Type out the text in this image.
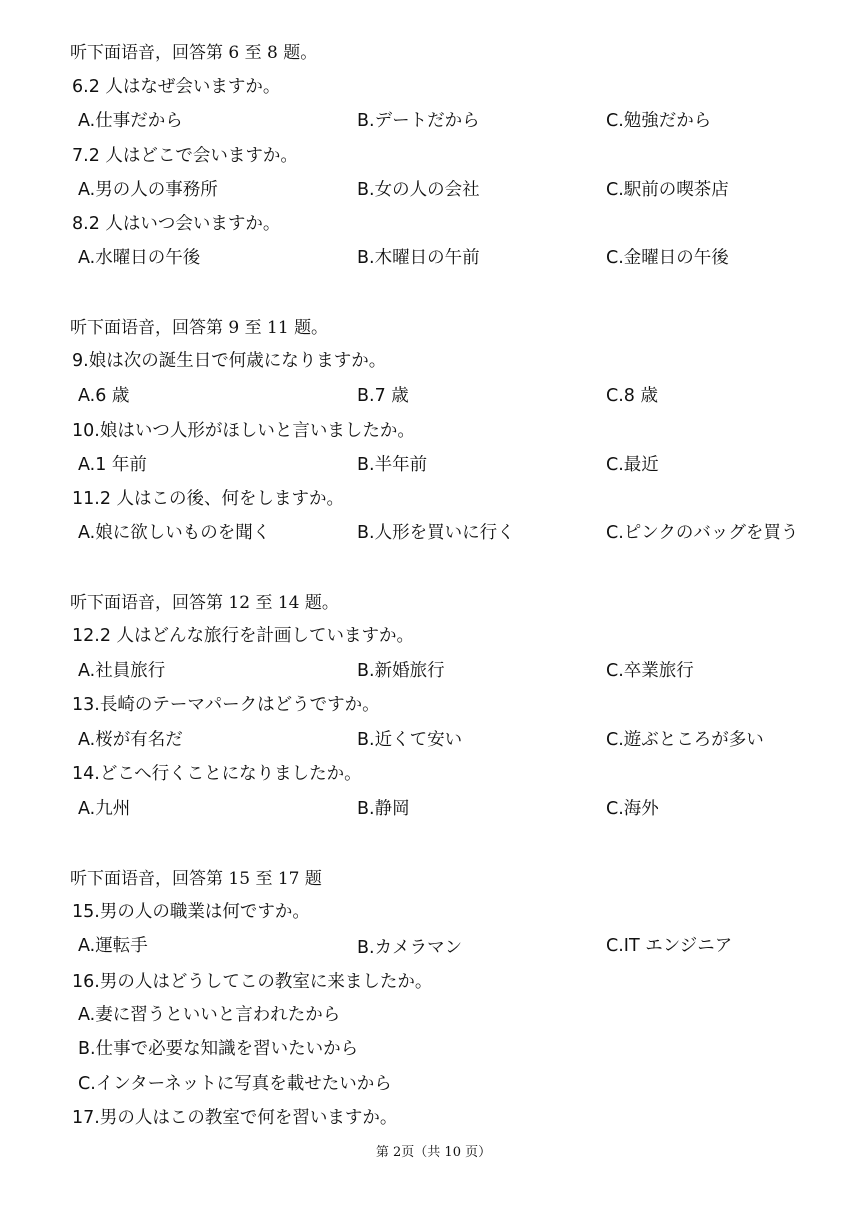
听下面语音，回答第 6 至 8 题。
6.2 人はなぜ会いますか。
A.仕事だから	B.デートだから	C.勉強だから
7.2 人はどこで会いますか。
A.男の人の事務所	B.女の人の会社	C.駅前の喫茶店
8.2 人はいつ会いますか。
A.水曜日の午後	B.木曜日の午前	C.金曜日の午後
听下面语音，回答第 9 至 11 题。
9.娘は次の誕生日で何歳になりますか。
A.6 歳	B.7 歳	C.8 歳
10.娘はいつ人形がほしいと言いましたか。
A.1 年前	B.半年前	C.最近
11.2 人はこの後、何をしますか。
A.娘に欲しいものを聞く	B.人形を買いに行く	C.ピンクのバッグを買う
听下面语音，回答第 12 至 14 题。
12.2 人はどんな旅行を計画していますか。
A.社員旅行	B.新婚旅行	C.卒業旅行
13.長崎のテーマパークはどうですか。
A.桜が有名だ	B.近くて安い	C.遊ぶところが多い
14.どこへ行くことになりましたか。
A.九州	B.静岡	C.海外
听下面语音，回答第 15 至 17 题
15.男の人の職業は何ですか。
A.運転手	B.カメラマン	C.IT エンジニア
16.男の人はどうしてこの教室に来ましたか。
A.妻に習うといいと言われたから
B.仕事で必要な知識を習いたいから
C.インターネットに写真を載せたいから
17.男の人はこの教室で何を習いますか。
第 2页（共 10 页）
